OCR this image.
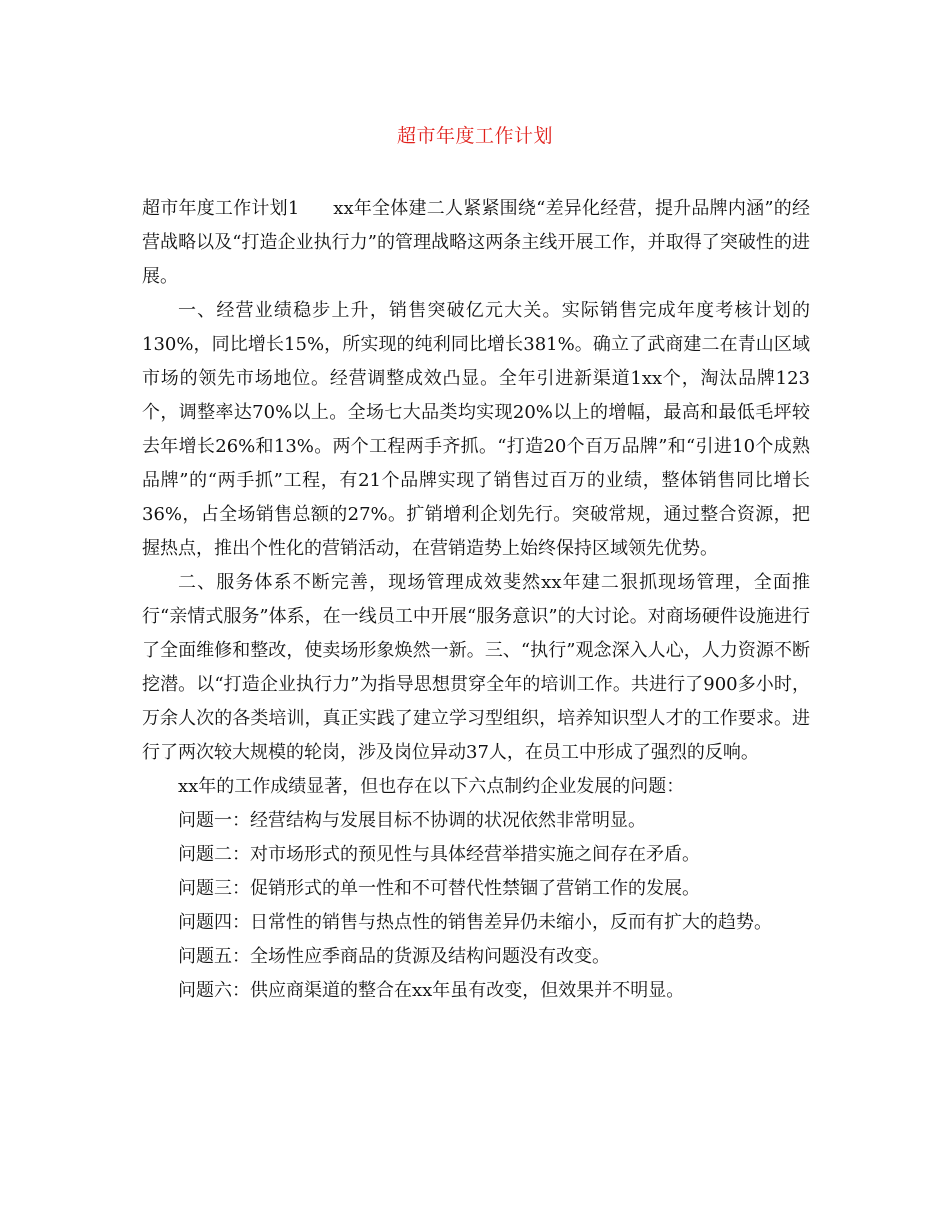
超市年度工作计划

超市年度工作计划1 xx年全体建二人紧紧围绕“差异化经营，提升品牌内涵”的经营战略以及“打造企业执行力”的管理战略这两条主线开展工作，并取得了突破性的进展。

一、经营业绩稳步上升，销售突破亿元大关。实际销售完成年度考核计划的130%，同比增长15%，所实现的纯利同比增长381%。确立了武商建二在青山区域市场的领先市场地位。经营调整成效凸显。全年引进新渠道1xx个，淘汰品牌123个，调整率达70%以上。全场七大品类均实现20%以上的增幅，最高和最低毛坪较去年增长26%和13%。两个工程两手齐抓。“打造20个百万品牌”和“引进10个成熟品牌”的“两手抓”工程，有21个品牌实现了销售过百万的业绩，整体销售同比增长36%，占全场销售总额的27%。扩销增利企划先行。突破常规，通过整合资源，把握热点，推出个性化的营销活动，在营销造势上始终保持区域领先优势。

二、服务体系不断完善，现场管理成效斐然xx年建二狠抓现场管理，全面推行“亲情式服务”体系，在一线员工中开展“服务意识”的大讨论。对商场硬件设施进行了全面维修和整改，使卖场形象焕然一新。三、“执行”观念深入人心，人力资源不断挖潜。以“打造企业执行力”为指导思想贯穿全年的培训工作。共进行了900多小时，万余人次的各类培训，真正实践了建立学习型组织，培养知识型人才的工作要求。进行了两次较大规模的轮岗，涉及岗位异动37人，在员工中形成了强烈的反响。

xx年的工作成绩显著，但也存在以下六点制约企业发展的问题：

问题一：经营结构与发展目标不协调的状况依然非常明显。

问题二：对市场形式的预见性与具体经营举措实施之间存在矛盾。

问题三：促销形式的单一性和不可替代性禁锢了营销工作的发展。

问题四：日常性的销售与热点性的销售差异仍未缩小，反而有扩大的趋势。

问题五：全场性应季商品的货源及结构问题没有改变。

问题六：供应商渠道的整合在xx年虽有改变，但效果并不明显。
